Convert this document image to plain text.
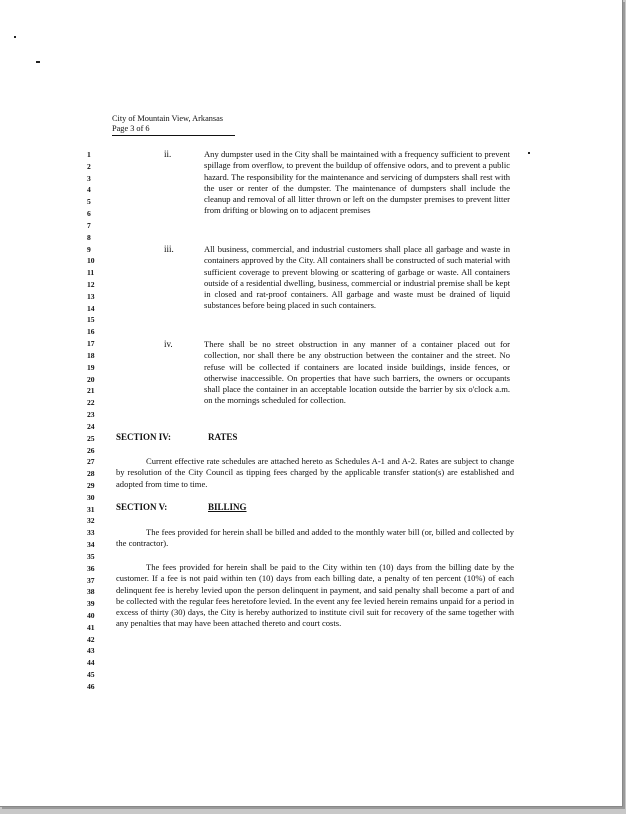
City of Mountain View, Arkansas
Page 3 of 6
1
2
3
4
5
6
7
8
9
10
11
12
13
14
15
16
17
18
19
20
21
22
23
24
25
26
27
28
29
30
31
32
33
34
35
36
37
38
39
40
41
42
43
44
45
46
ii.	Any dumpster used in the City shall be maintained with a frequency sufficient to prevent spillage from overflow, to prevent the buildup of offensive odors, and to prevent a public hazard. The responsibility for the maintenance and servicing of dumpsters shall rest with the user or renter of the dumpster. The maintenance of dumpsters shall include the cleanup and removal of all litter thrown or left on the dumpster premises to prevent litter from drifting or blowing on to adjacent premises

iii.	All business, commercial, and industrial customers shall place all garbage and waste in containers approved by the City. All containers shall be constructed of such material with sufficient coverage to prevent blowing or scattering of garbage or waste. All containers outside of a residential dwelling, business, commercial or industrial premise shall be kept in closed and rat-proof containers. All garbage and waste must be drained of liquid substances before being placed in such containers.

iv.	There shall be no street obstruction in any manner of a container placed out for collection, nor shall there be any obstruction between the container and the street. No refuse will be collected if containers are located inside buildings, inside fences, or otherwise inaccessible. On properties that have such barriers, the owners or occupants shall place the container in an acceptable location outside the barrier by six o'clock a.m. on the mornings scheduled for collection.

SECTION IV:	RATES

Current effective rate schedules are attached hereto as Schedules A-1 and A-2. Rates are subject to change by resolution of the City Council as tipping fees charged by the applicable transfer station(s) are established and adopted from time to time.

SECTION V:	BILLING

The fees provided for herein shall be billed and added to the monthly water bill (or, billed and collected by the contractor).

The fees provided for herein shall be paid to the City within ten (10) days from the billing date by the customer. If a fee is not paid within ten (10) days from each billing date, a penalty of ten percent (10%) of each delinquent fee is hereby levied upon the person delinquent in payment, and said penalty shall become a part of and be collected with the regular fees heretofore levied. In the event any fee levied herein remains unpaid for a period in excess of thirty (30) days, the City is hereby authorized to institute civil suit for recovery of the same together with any penalties that may have been attached thereto and court costs.
